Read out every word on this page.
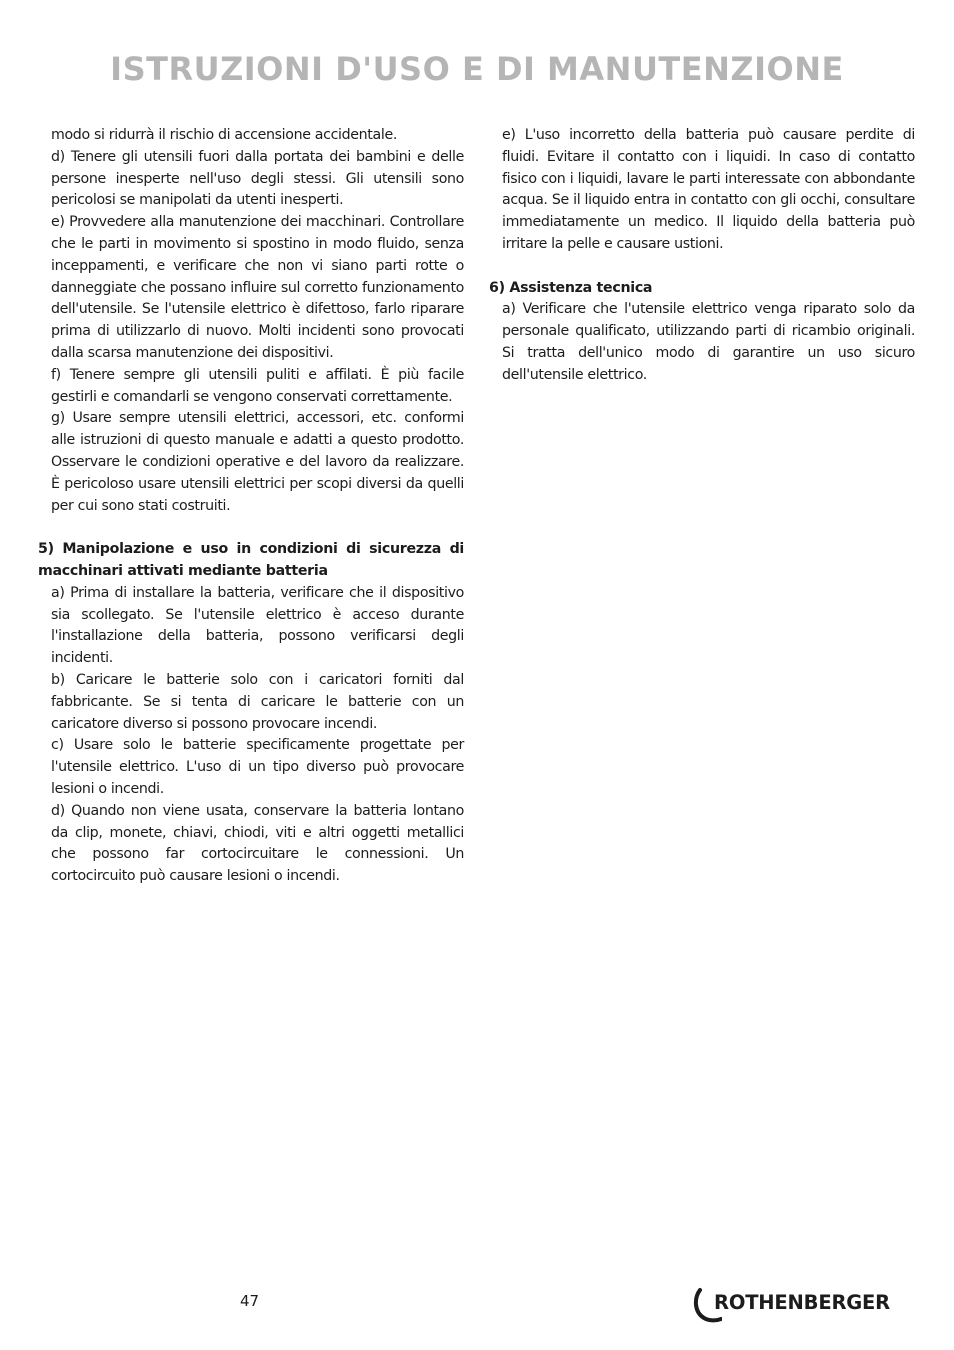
ISTRUZIONI D'USO E DI MANUTENZIONE

modo si ridurrà il rischio di accensione accidentale.

d) Tenere gli utensili fuori dalla portata dei bambini e delle persone inesperte nell'uso degli stessi. Gli utensili sono pericolosi se manipolati da utenti inesperti.

e) Provvedere alla manutenzione dei macchinari. Controllare che le parti in movimento si spostino in modo fluido, senza inceppamenti, e verificare che non vi siano parti rotte o danneggiate che possano influire sul corretto funzionamento dell'utensile. Se l'utensile elettrico è difettoso, farlo riparare prima di utilizzarlo di nuovo. Molti incidenti sono provocati dalla scarsa manutenzione dei dispositivi.

f) Tenere sempre gli utensili puliti e affilati. È più facile gestirli e comandarli se vengono conservati correttamente.

g) Usare sempre utensili elettrici, accessori, etc. conformi alle istruzioni di questo manuale e adatti a questo prodotto. Osservare le condizioni operative e del lavoro da realizzare. È pericoloso usare utensili elettrici per scopi diversi da quelli per cui sono stati costruiti.

5) Manipolazione e uso in condizioni di sicurezza di macchinari attivati mediante batteria

a) Prima di installare la batteria, verificare che il dispositivo sia scollegato. Se l'utensile elettrico è acceso durante l'installazione della batteria, possono verificarsi degli incidenti.

b) Caricare le batterie solo con i caricatori forniti dal fabbricante. Se si tenta di caricare le batterie con un caricatore diverso si possono provocare incendi.

c) Usare solo le batterie specificamente progettate per l'utensile elettrico. L'uso di un tipo diverso può provocare lesioni o incendi.

d) Quando non viene usata, conservare la batteria lontano da clip, monete, chiavi, chiodi, viti e altri oggetti metallici che possono far cortocircuitare le connessioni. Un cortocircuito può causare lesioni o incendi.

e) L'uso incorretto della batteria può causare perdite di fluidi. Evitare il contatto con i liquidi. In caso di contatto fisico con i liquidi, lavare le parti interessate con abbondante acqua. Se il liquido entra in contatto con gli occhi, consultare immediatamente un medico. Il liquido della batteria può irritare la pelle e causare ustioni.

6) Assistenza tecnica

a) Verificare che l'utensile elettrico venga riparato solo da personale qualificato, utilizzando parti di ricambio originali. Si tratta dell'unico modo di garantire un uso sicuro dell'utensile elettrico.

47	ROTHENBERGER
